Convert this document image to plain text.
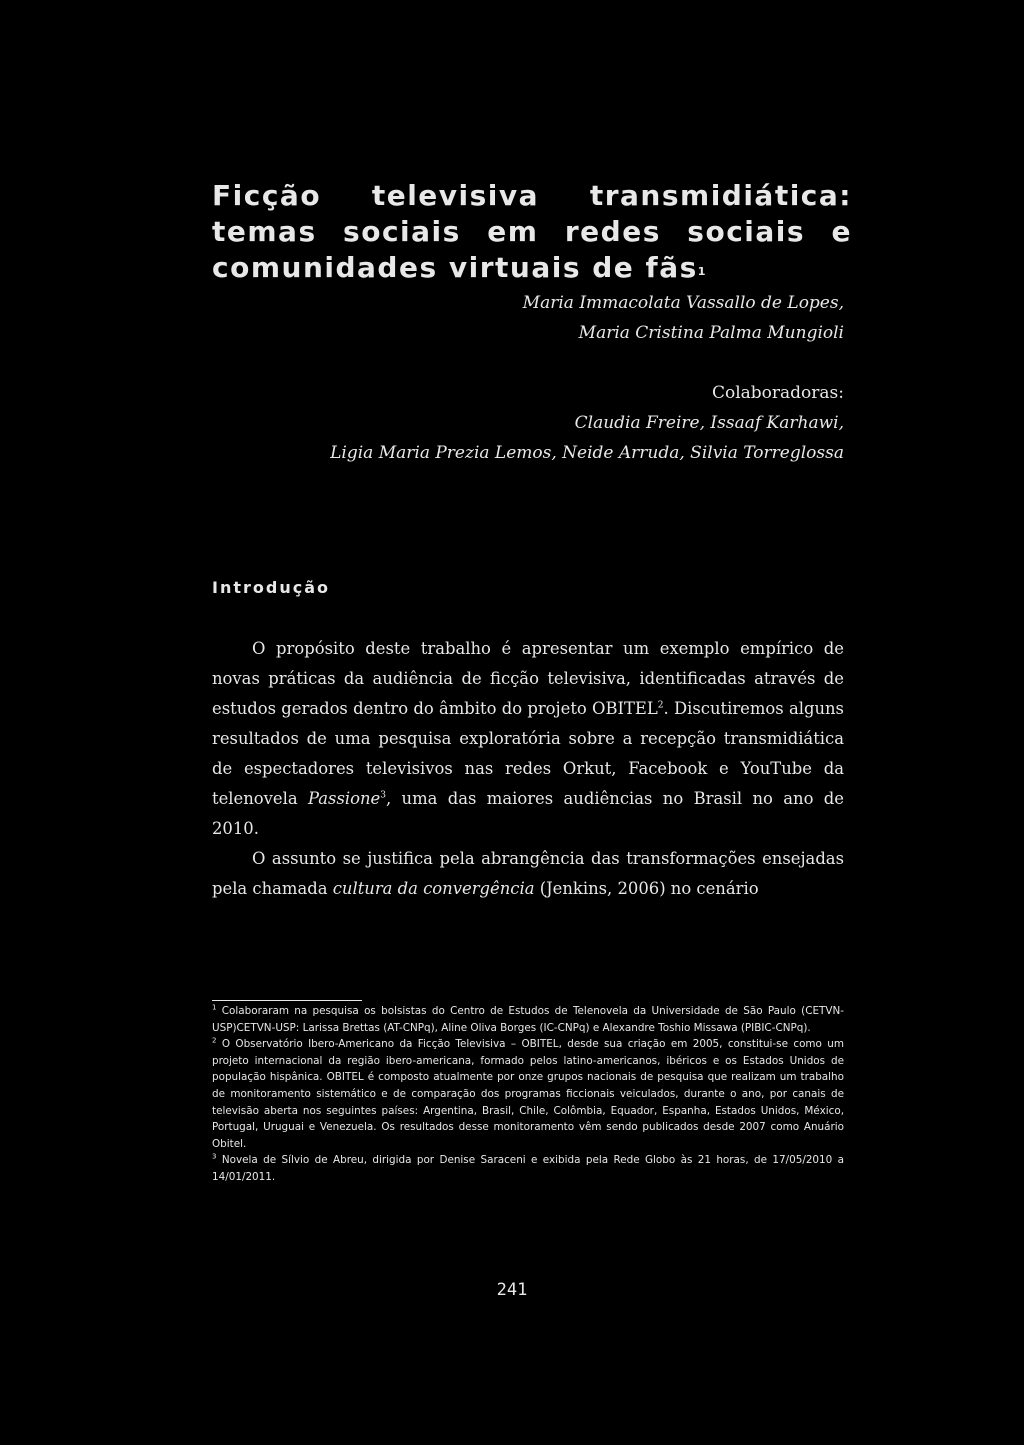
Ficção televisiva transmidiática: temas sociais em redes sociais e comunidades virtuais de fãs$^1$
Maria Immacolata Vassallo de Lopes,
Maria Cristina Palma Mungioli
Colaboradoras:
Claudia Freire, Issaaf Karhawi,
Ligia Maria Prezia Lemos, Neide Arruda, Silvia Torreglossa
Introdução

O propósito deste trabalho é apresentar um exemplo empírico de novas práticas da audiência de ficção televisiva, identificadas através de estudos gerados dentro do âmbito do projeto OBITEL$^2$. Discutiremos alguns resultados de uma pesquisa exploratória sobre a recepção transmidiática de espectadores televisivos nas redes Orkut, Facebook e YouTube da telenovela Passione$^3$, uma das maiores audiências no Brasil no ano de 2010.

O assunto se justifica pela abrangência das transformações ensejadas pela chamada cultura da convergência (Jenkins, 2006) no cenário

$^1$ Colaboraram na pesquisa os bolsistas do Centro de Estudos de Telenovela da Universidade de São Paulo (CETVN-USP)CETVN-USP: Larissa Brettas (AT-CNPq), Aline Oliva Borges (IC-CNPq) e Alexandre Toshio Missawa (PIBIC-CNPq).

$^2$ O Observatório Ibero-Americano da Ficção Televisiva – OBITEL, desde sua criação em 2005, constitui-se como um projeto internacional da região ibero-americana, formado pelos latino-americanos, ibéricos e os Estados Unidos de população hispânica. OBITEL é composto atualmente por onze grupos nacionais de pesquisa que realizam um trabalho de monitoramento sistemático e de comparação dos programas ficcionais veiculados, durante o ano, por canais de televisão aberta nos seguintes países: Argentina, Brasil, Chile, Colômbia, Equador, Espanha, Estados Unidos, México, Portugal, Uruguai e Venezuela. Os resultados desse monitoramento vêm sendo publicados desde 2007 como Anuário Obitel.

$^3$ Novela de Sílvio de Abreu, dirigida por Denise Saraceni e exibida pela Rede Globo às 21 horas, de 17/05/2010 a 14/01/2011.

241
